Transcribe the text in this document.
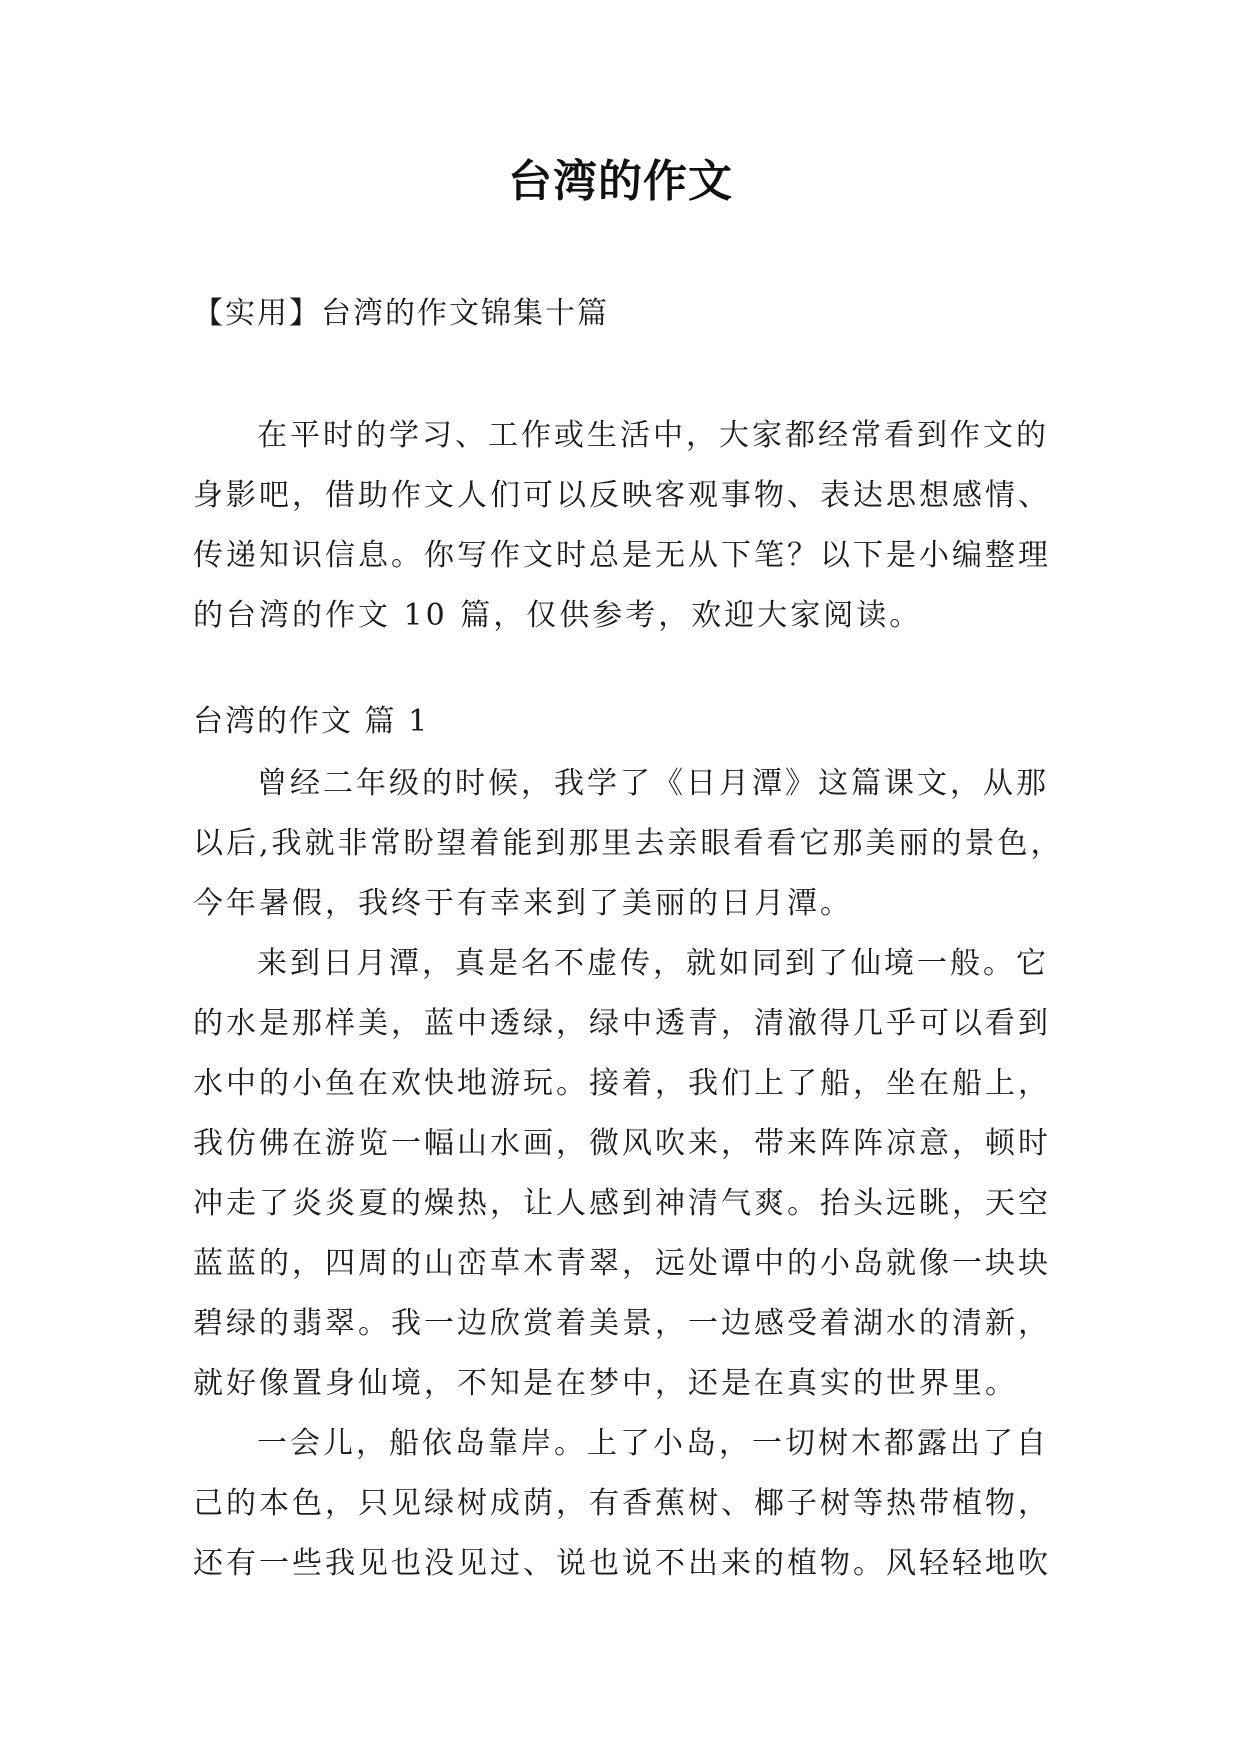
台湾的作文

【实用】台湾的作文锦集十篇

在平时的学习、工作或生活中，大家都经常看到作文的
身影吧，借助作文人们可以反映客观事物、表达思想感情、
传递知识信息。你写作文时总是无从下笔？以下是小编整理
的台湾的作文 10 篇，仅供参考，欢迎大家阅读。

台湾的作文 篇 1

曾经二年级的时候，我学了《日月潭》这篇课文，从那
以后,我就非常盼望着能到那里去亲眼看看它那美丽的景色，
今年暑假，我终于有幸来到了美丽的日月潭。
来到日月潭，真是名不虚传，就如同到了仙境一般。它
的水是那样美，蓝中透绿，绿中透青，清澈得几乎可以看到
水中的小鱼在欢快地游玩。接着，我们上了船，坐在船上，
我仿佛在游览一幅山水画，微风吹来，带来阵阵凉意，顿时
冲走了炎炎夏的燥热，让人感到神清气爽。抬头远眺，天空
蓝蓝的，四周的山峦草木青翠，远处谭中的小岛就像一块块
碧绿的翡翠。我一边欣赏着美景，一边感受着湖水的清新，
就好像置身仙境，不知是在梦中，还是在真实的世界里。
一会儿，船依岛靠岸。上了小岛，一切树木都露出了自
己的本色，只见绿树成荫，有香蕉树、椰子树等热带植物，
还有一些我见也没见过、说也说不出来的植物。风轻轻地吹
